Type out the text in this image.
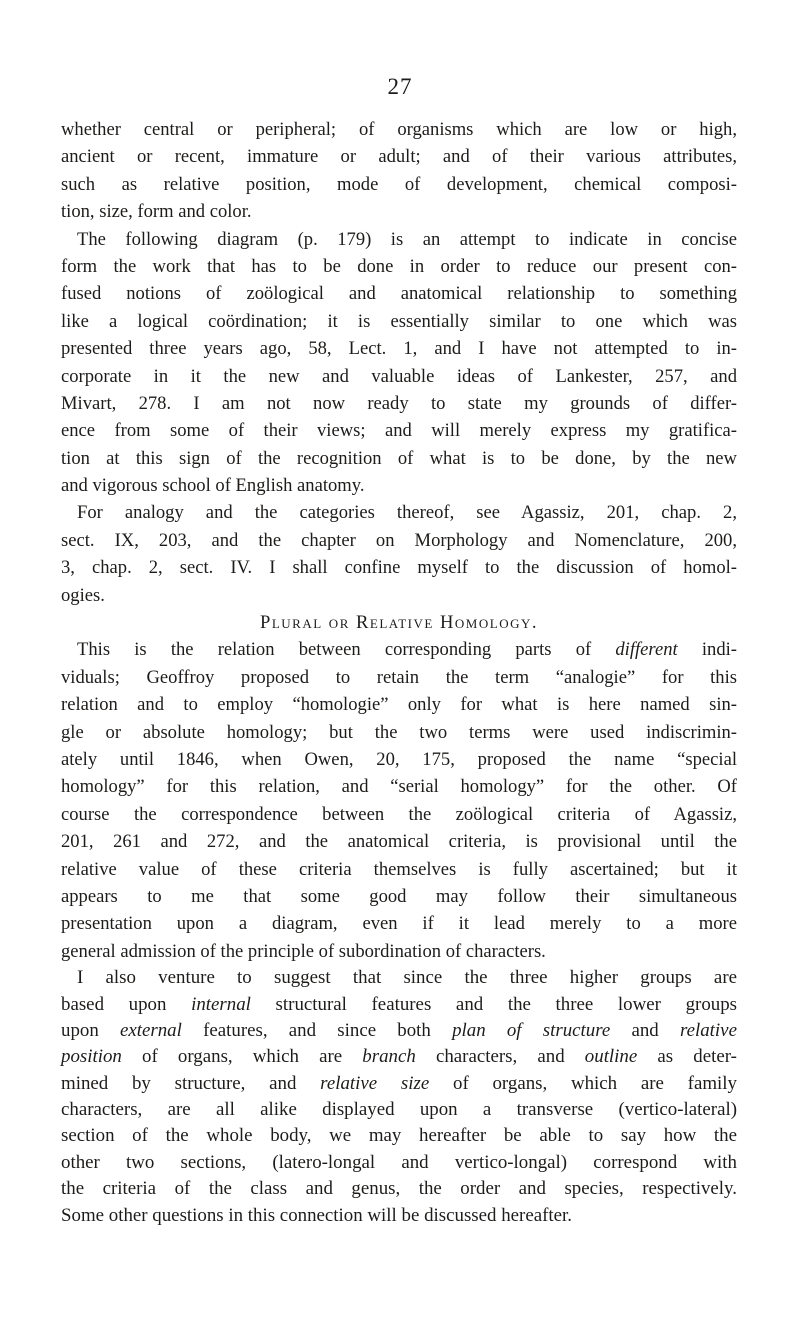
27
whether central or peripheral; of organisms which are low or high,
ancient or recent, immature or adult; and of their various attributes,
such as relative position, mode of development, chemical composi-
tion, size, form and color.
The following diagram (p. 179) is an attempt to indicate in concise
form the work that has to be done in order to reduce our present con-
fused notions of zoölogical and anatomical relationship to something
like a logical coördination; it is essentially similar to one which was
presented three years ago, 58, Lect. 1, and I have not attempted to in-
corporate in it the new and valuable ideas of Lankester, 257, and
Mivart, 278. I am not now ready to state my grounds of differ-
ence from some of their views; and will merely express my gratifica-
tion at this sign of the recognition of what is to be done, by the new
and vigorous school of English anatomy.
For analogy and the categories thereof, see Agassiz, 201, chap. 2,
sect. IX, 203, and the chapter on Morphology and Nomenclature, 200,
3, chap. 2, sect. IV. I shall confine myself to the discussion of homol-
ogies.
Plural or Relative Homology.
This is the relation between corresponding parts of different indi-
viduals; Geoffroy proposed to retain the term “analogie” for this
relation and to employ “homologie” only for what is here named sin-
gle or absolute homology; but the two terms were used indiscrimin-
ately until 1846, when Owen, 20, 175, proposed the name “special
homology” for this relation, and “serial homology” for the other. Of
course the correspondence between the zoölogical criteria of Agassiz,
201, 261 and 272, and the anatomical criteria, is provisional until the
relative value of these criteria themselves is fully ascertained; but it
appears to me that some good may follow their simultaneous
presentation upon a diagram, even if it lead merely to a more
general admission of the principle of subordination of characters.
I also venture to suggest that since the three higher groups are
based upon internal structural features and the three lower groups
upon external features, and since both plan of structure and relative
position of organs, which are branch characters, and outline as deter-
mined by structure, and relative size of organs, which are family
characters, are all alike displayed upon a transverse (vertico-lateral)
section of the whole body, we may hereafter be able to say how the
other two sections, (latero-longal and vertico-longal) correspond with
the criteria of the class and genus, the order and species, respectively.
Some other questions in this connection will be discussed hereafter.
